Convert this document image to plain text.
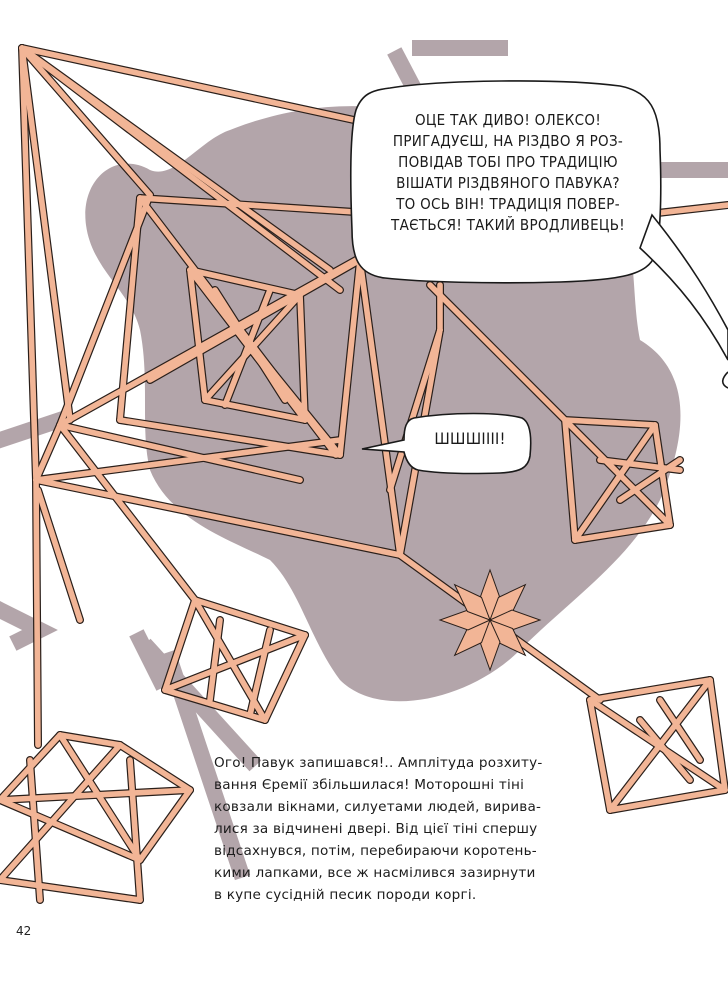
ОЦЕ ТАК ДИВО! ОЛЕКСО!
ПРИГАДУЄШ, НА РІЗДВО Я РОЗ-
ПОВІДАВ ТОБІ ПРО ТРАДИЦІЮ
ВІШАТИ РІЗДВЯНОГО ПАВУКА?
ТО ОСЬ ВІН! ТРАДИЦІЯ ПОВЕР-
ТАЄТЬСЯ! ТАКИЙ ВРОДЛИВЕЦЬ!
ШШШІІІІ!
Ого! Павук запишався!.. Амплітуда розхиту-
вання Єремії збільшилася! Моторошні тіні
ковзали вікнами, силуетами людей, вирива-
лися за відчинені двері. Від цієї тіні спершу
відсахнувся, потім, перебираючи коротень-
кими лапками, все ж насмілився зазирнути
в купе сусідній песик породи коргі.
42
